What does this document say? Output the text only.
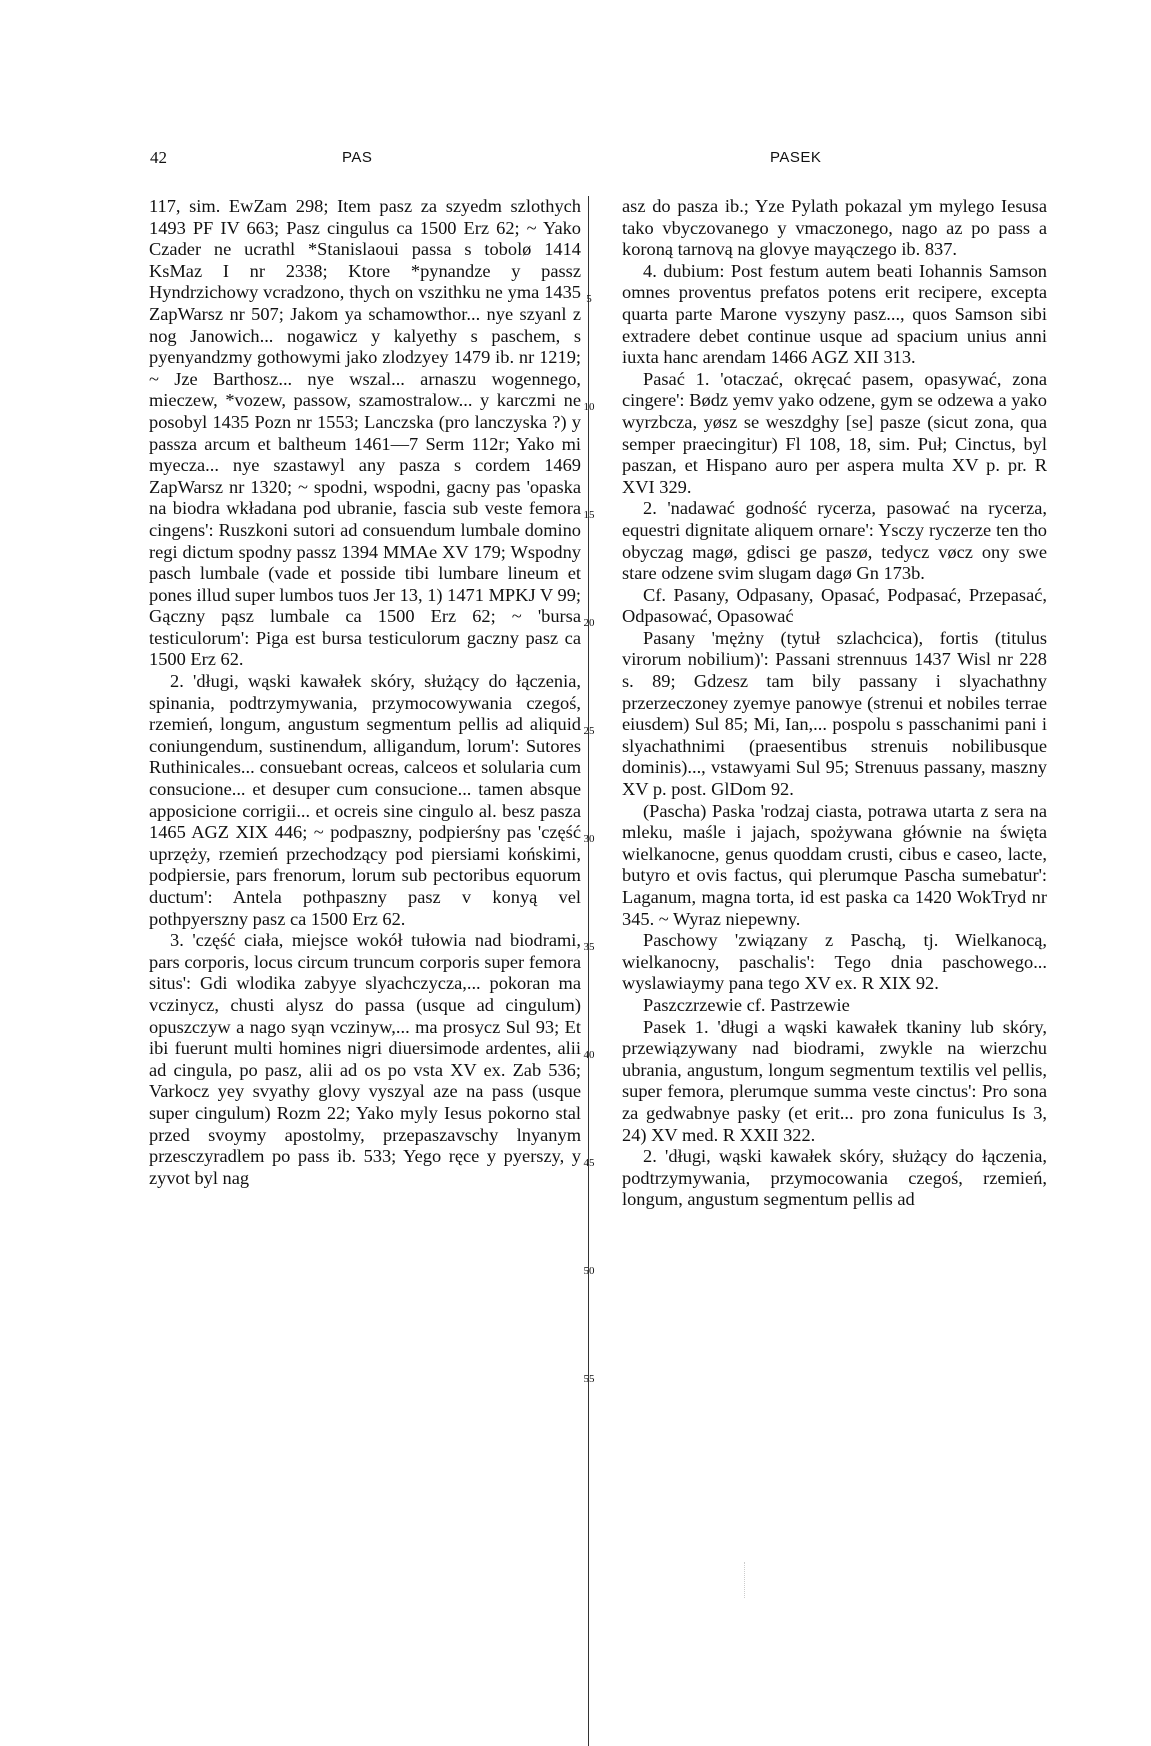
42	PAS	PASEK
5
10
15
20
25
30
35
40
45
50
55

117, sim. EwZam 298; Item pasz za szyedm szlothych 1493 PF IV 663; Pasz cingulus ca 1500 Erz 62; ~ Yako Czader ne ucrathl *Stanislaoui passa s tobolø 1414 KsMaz I nr 2338; Ktore *pynandze y passz Hyndrzichowy vcradzono, thych on vszithku ne yma 1435 ZapWarsz nr 507; Jakom ya schamowthor... nye szyanl z nog Janowich... nogawicz y kalyethy s paschem, s pyenyandzmy gothowymi jako zlodzyey 1479 ib. nr 1219; ~ Jze Barthosz... nye wszal... arnaszu wogennego, mieczew, *vozew, passow, szamostralow... y karczmi ne posobyl 1435 Pozn nr 1553; Lanczska (pro lanczyska ?) y passza arcum et baltheum 1461—7 Serm 112r; Yako mi myecza... nye szastawyl any pasza s cordem 1469 ZapWarsz nr 1320; ~ spodni, wspodni, gacny pas 'opaska na biodra wkładana pod ubranie, fascia sub veste femora cingens': Ruszkoni sutori ad consuendum lumbale domino regi dictum spodny passz 1394 MMAe XV 179; Wspodny pasch lumbale (vade et posside tibi lumbare lineum et pones illud super lumbos tuos Jer 13, 1) 1471 MPKJ V 99; Gączny pąsz lumbale ca 1500 Erz 62; ~ 'bursa testiculorum': Piga est bursa testiculorum gaczny pasz ca 1500 Erz 62.

2. 'długi, wąski kawałek skóry, służący do łączenia, spinania, podtrzymywania, przymocowywania czegoś, rzemień, longum, angustum segmentum pellis ad aliquid coniungendum, sustinendum, alligandum, lorum': Sutores Ruthinicales... consuebant ocreas, calceos et solularia cum consucione... et desuper cum consucione... tamen absque apposicione corrigii... et ocreis sine cingulo al. besz pasza 1465 AGZ XIX 446; ~ podpaszny, podpierśny pas 'część uprzęży, rzemień przechodzący pod piersiami końskimi, podpiersie, pars frenorum, lorum sub pectoribus equorum ductum': Antela pothpaszny pasz v konyą vel pothpyerszny pasz ca 1500 Erz 62.

3. 'część ciała, miejsce wokół tułowia nad biodrami, pars corporis, locus circum truncum corporis super femora situs': Gdi wlodika zabyye slyachczycza,... pokoran ma vczinycz, chusti alysz do passa (usque ad cingulum) opuszczyw a nago syąn vczinyw,... ma prosycz Sul 93; Et ibi fuerunt multi homines nigri diuersimode ardentes, alii ad cingula, po pasz, alii ad os po vsta XV ex. Zab 536; Varkocz yey svyathy glovy vyszyal aze na pass (usque super cingulum) Rozm 22; Yako myly Iesus pokorno stal przed svoymy apostolmy, przepaszavschy lnyanym przesczyradlem po pass ib. 533; Yego ręce y pyerszy, y zyvot byl nag

asz do pasza ib.; Yze Pylath pokazal ym mylego Iesusa tako vbyczovanego y vmaczonego, nago az po pass a koroną tarnovą na glovye mayączego ib. 837.

4. dubium: Post festum autem beati Iohannis Samson omnes proventus prefatos potens erit recipere, excepta quarta parte Marone vyszyny pasz..., quos Samson sibi extradere debet continue usque ad spacium unius anni iuxta hanc arendam 1466 AGZ XII 313.

Pasać 1. 'otaczać, okręcać pasem, opasywać, zona cingere': Bødz yemv yako odzene, gym se odzewa a yako wyrzbcza, yøsz se weszdghy [se] pasze (sicut zona, qua semper praecingitur) Fl 108, 18, sim. Puł; Cinctus, byl paszan, et Hispano auro per aspera multa XV p. pr. R XVI 329.

2. 'nadawać godność rycerza, pasować na rycerza, equestri dignitate aliquem ornare': Ysczy ryczerze ten tho obyczag magø, gdisci ge paszø, tedycz vøcz ony swe stare odzene svim slugam dagø Gn 173b.

Cf. Pasany, Odpasany, Opasać, Podpasać, Przepasać, Odpasować, Opasować

Pasany 'mężny (tytuł szlachcica), fortis (titulus virorum nobilium)': Passani strennuus 1437 Wisl nr 228 s. 89; Gdzesz tam bily passany i slyachathny przerzeczoney zyemye panowye (strenui et nobiles terrae eiusdem) Sul 85; Mi, Ian,... pospolu s passchanimi pani i slyachathnimi (praesentibus strenuis nobilibusque dominis)..., vstawyami Sul 95; Strenuus passany, maszny XV p. post. GlDom 92.

(Pascha) Paska 'rodzaj ciasta, potrawa utarta z sera na mleku, maśle i jajach, spożywana głównie na święta wielkanocne, genus quoddam crusti, cibus e caseo, lacte, butyro et ovis factus, qui plerumque Pascha sumebatur': Laganum, magna torta, id est paska ca 1420 WokTryd nr 345. ~ Wyraz niepewny.

Paschowy 'związany z Paschą, tj. Wielkanocą, wielkanocny, paschalis': Tego dnia paschowego... wyslawiaymy pana tego XV ex. R XIX 92.

Paszczrzewie cf. Pastrzewie

Pasek 1. 'długi a wąski kawałek tkaniny lub skóry, przewiązywany nad biodrami, zwykle na wierzchu ubrania, angustum, longum segmentum textilis vel pellis, super femora, plerumque summa veste cinctus': Pro sona za gedwabnye pasky (et erit... pro zona funiculus Is 3, 24) XV med. R XXII 322.

2. 'długi, wąski kawałek skóry, służący do łączenia, podtrzymywania, przymocowania czegoś, rzemień, longum, angustum segmentum pellis ad
